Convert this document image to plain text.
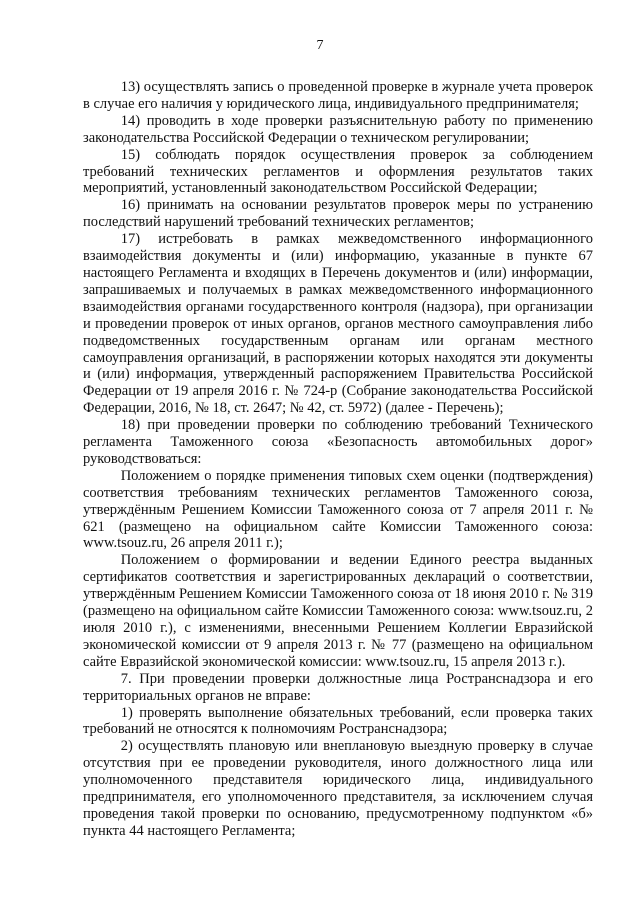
7

13) осуществлять запись о проведенной проверке в журнале учета проверок в случае его наличия у юридического лица, индивидуального предпринимателя;

14) проводить в ходе проверки разъяснительную работу по применению законодательства Российской Федерации о техническом регулировании;

15) соблюдать порядок осуществления проверок за соблюдением требований технических регламентов и оформления результатов таких мероприятий, установленный законодательством Российской Федерации;

16) принимать на основании результатов проверок меры по устранению последствий нарушений требований технических регламентов;

17) истребовать в рамках межведомственного информационного взаимодействия документы и (или) информацию, указанные в пункте 67 настоящего Регламента и входящих в Перечень документов и (или) информации, запрашиваемых и получаемых в рамках межведомственного информационного взаимодействия органами государственного контроля (надзора), при организации и проведении проверок от иных органов, органов местного самоуправления либо подведомственных государственным органам или органам местного самоуправления организаций, в распоряжении которых находятся эти документы и (или) информация, утвержденный распоряжением Правительства Российской Федерации от 19 апреля 2016 г. № 724-р (Собрание законодательства Российской Федерации, 2016, № 18, ст. 2647; № 42, ст. 5972) (далее - Перечень);

18) при проведении проверки по соблюдению требований Технического регламента Таможенного союза «Безопасность автомобильных дорог» руководствоваться:

Положением о порядке применения типовых схем оценки (подтверждения) соответствия требованиям технических регламентов Таможенного союза, утверждённым Решением Комиссии Таможенного союза от 7 апреля 2011 г. № 621 (размещено на официальном сайте Комиссии Таможенного союза: www.tsouz.ru, 26 апреля 2011 г.);

Положением о формировании и ведении Единого реестра выданных сертификатов соответствия и зарегистрированных деклараций о соответствии, утверждённым Решением Комиссии Таможенного союза от 18 июня 2010 г. № 319 (размещено на официальном сайте Комиссии Таможенного союза: www.tsouz.ru, 2 июля 2010 г.), с изменениями, внесенными Решением Коллегии Евразийской экономической комиссии от 9 апреля 2013 г. № 77 (размещено на официальном сайте Евразийской экономической комиссии: www.tsouz.ru, 15 апреля 2013 г.).

7. При проведении проверки должностные лица Ространснадзора и его территориальных органов не вправе:

1) проверять выполнение обязательных требований, если проверка таких требований не относятся к полномочиям Ространснадзора;

2) осуществлять плановую или внеплановую выездную проверку в случае отсутствия при ее проведении руководителя, иного должностного лица или уполномоченного представителя юридического лица, индивидуального предпринимателя, его уполномоченного представителя, за исключением случая проведения такой проверки по основанию, предусмотренному подпунктом «б» пункта 44 настоящего Регламента;
